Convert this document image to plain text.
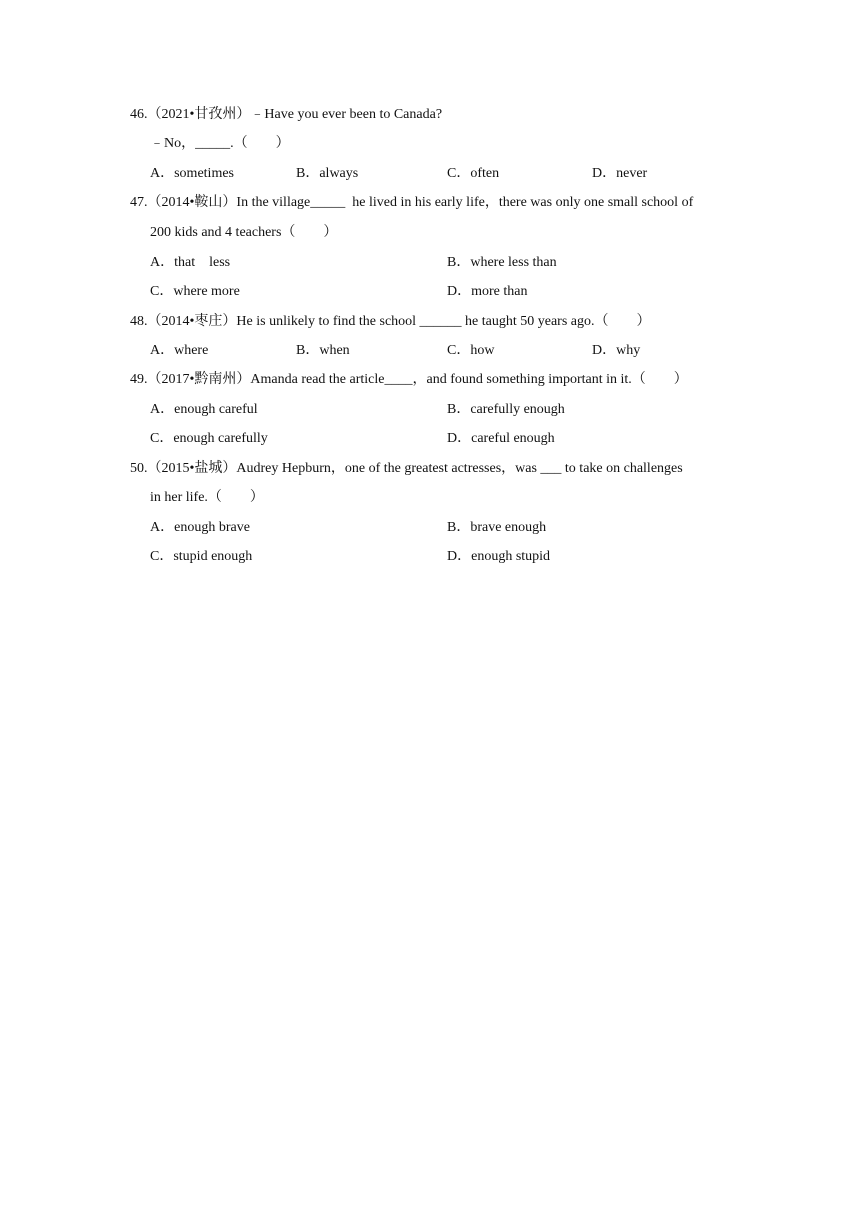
46.（2021•甘孜州）﹣Have you ever been to Canada?
﹣No，_____.（　　）
A．sometimes	B．always	C．often	D．never
47.（2014•鞍山）In the village_____  he lived in his early life，there was only one small school of
200 kids and 4 teachers（　　）
A．that　less	B．where less than
C．where more	D．more than
48.（2014•枣庄）He is unlikely to find the school ______ he taught 50 years ago.（　　）
A．where	B．when	C．how	D．why
49.（2017•黔南州）Amanda read the article____，and found something important in it.（　　）
A．enough careful	B．carefully enough
C．enough carefully	D．careful enough
50.（2015•盐城）Audrey Hepburn，one of the greatest actresses，was ___ to take on challenges
in her life.（　　）
A．enough brave	B．brave enough
C．stupid enough	D．enough stupid
